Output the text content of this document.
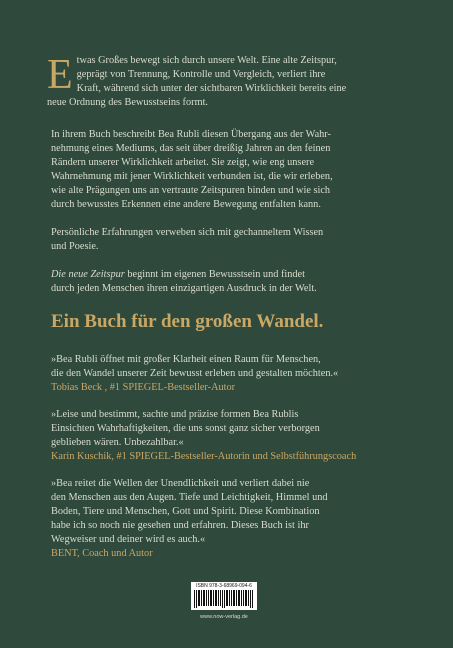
E twas Großes bewegt sich durch unsere Welt. Eine alte Zeitspur,
geprägt von Trennung, Kontrolle und Vergleich, verliert ihre
Kraft, während sich unter der sichtbaren Wirklichkeit bereits eine
neue Ordnung des Bewusstseins formt.

In ihrem Buch beschreibt Bea Rubli diesen Übergang aus der Wahr-
nehmung eines Mediums, das seit über dreißig Jahren an den feinen
Rändern unserer Wirklichkeit arbeitet. Sie zeigt, wie eng unsere
Wahrnehmung mit jener Wirklichkeit verbunden ist, die wir erleben,
wie alte Prägungen uns an vertraute Zeitspuren binden und wie sich
durch bewusstes Erkennen eine andere Bewegung entfalten kann.

Persönliche Erfahrungen verweben sich mit gechanneltem Wissen
und Poesie.

Die neue Zeitspur beginnt im eigenen Bewusstsein und findet
durch jeden Menschen ihren einzigartigen Ausdruck in der Welt.

Ein Buch für den großen Wandel.

»Bea Rubli öffnet mit großer Klarheit einen Raum für Menschen,
die den Wandel unserer Zeit bewusst erleben und gestalten möchten.«

Tobias Beck , #1 SPIEGEL-Bestseller-Autor

»Leise und bestimmt, sachte und präzise formen Bea Rublis
Einsichten Wahrhaftigkeiten, die uns sonst ganz sicher verborgen
geblieben wären. Unbezahlbar.«

Karin Kuschik, #1 SPIEGEL-Bestseller-Autorin und Selbstführungscoach

»Bea reitet die Wellen der Unendlichkeit und verliert dabei nie
den Menschen aus den Augen. Tiefe und Leichtigkeit, Himmel und
Boden, Tiere und Menschen, Gott und Spirit. Diese Kombination
habe ich so noch nie gesehen und erfahren. Dieses Buch ist ihr
Wegweiser und deiner wird es auch.«

BENT, Coach und Autor

ISBN 978-3-68969-094-6
www.now-verlag.de
